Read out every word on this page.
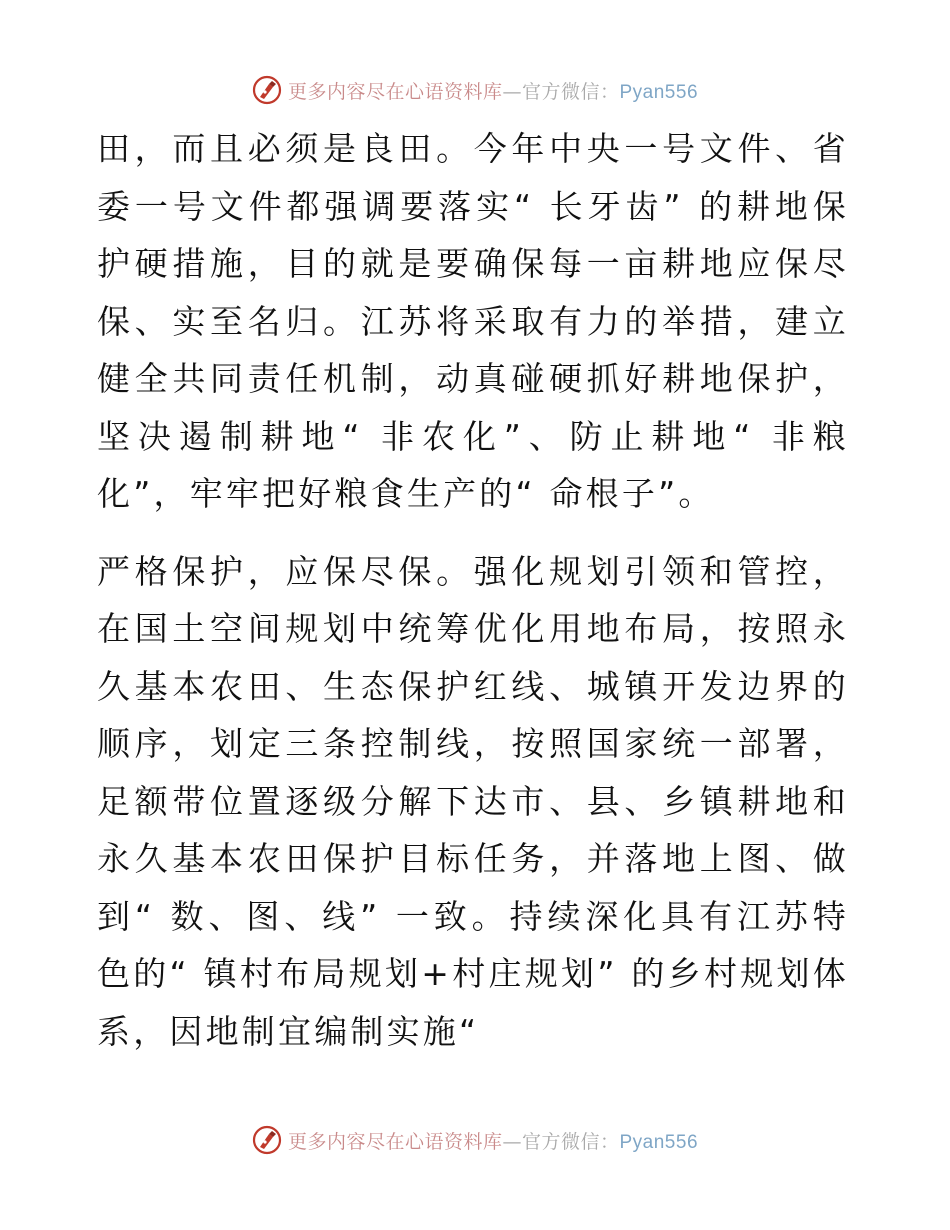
更多内容尽在心语资料库—官方微信：Pyan556

田，而且必须是良田。今年中央一号文件、省委一号文件都强调要落实“ 长牙齿” 的耕地保护硬措施，目的就是要确保每一亩耕地应保尽保、实至名归。江苏将采取有力的举措，建立健全共同责任机制，动真碰硬抓好耕地保护，坚决遏制耕地“ 非农化”、防止耕地“ 非粮化”，牢牢把好粮食生产的“ 命根子”。

严格保护，应保尽保。强化规划引领和管控，在国土空间规划中统筹优化用地布局，按照永久基本农田、生态保护红线、城镇开发边界的顺序，划定三条控制线，按照国家统一部署，足额带位置逐级分解下达市、县、乡镇耕地和永久基本农田保护目标任务，并落地上图、做到“ 数、图、线” 一致。持续深化具有江苏特色的“ 镇村布局规划+村庄规划” 的乡村规划体系，因地制宜编制实施“

更多内容尽在心语资料库—官方微信：Pyan556
